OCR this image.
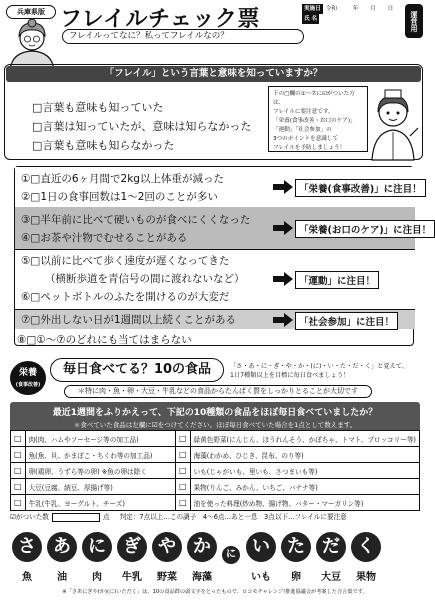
兵庫県版 フレイルチェック票	実施日 令和	年 月 日
氏 名	運営用
フレイルってなに？私ってフレイルなの？
「フレイル」という言葉と意味を知っていますか？
□言葉も意味も知っていた
□言葉は知っていたが、意味は知らなかった
□言葉も意味も知らなかった
下の□欄の①〜⑦に☑がついた方は、
フレイルに要注意です。
「栄養(食事改善・お口のケア)」
「運動」「社会参加」の
3つのポイントを意識して
フレイルを予防しましょう！
①□直近の6ヶ月間で2kg以上体重が減った
②□1日の食事回数は1〜2回のことが多い
③□半年前に比べて硬いものが食べにくくなった
④□お茶や汁物でむせることがある
⑤□以前に比べて歩く速度が遅くなってきた
（横断歩道を青信号の間に渡れないなど）
⑥□ペットボトルのふたを開けるのが大変だ
⑦□外出しない日が1週間以上続くことがある
「栄養(食事改善)」に注目！
「栄養(お口のケア)」に注目！
「運動」に注目！
「社会参加」に注目！
⑧□①〜⑦のどれにも当てはまらない
栄養
(食事改善)
毎日食べてる？10の食品	「さ・あ・に・ぎ・や・か・(に)・い・た・だ・く」と覚えて、
1日7種類以上を目標に毎日食べましょう！
＊特に肉・魚・卵・大豆・牛乳などの食品からたんぱく質をしっかりとることが大切です
最近1週間をふりかえって、下記の10種類の食品をほぼ毎日食べていましたか？
＊食べていた食品は左欄に☑をつけてください。ほぼ毎日食べていた場合を1点として数えます。
□	肉(肉、ハムやソーセージ等の加工品)	□	緑黄色野菜(にんじん、ほうれんそう、かぼちゃ、トマト、ブロッコリー等)
□	魚(魚、貝、かまぼこ・ちくわ等の加工品)	□	海藻(わかめ、ひじき、昆布、のり等)
□	卵(鶏卵、うずら等の卵) ※魚の卵は除く	□	いも(じゃがいも、里いも、さつまいも等)
□	大豆(豆腐、納豆、厚揚げ等)	□	果物(りんご、みかん、いちご、バナナ等)
□	牛乳(牛乳、ヨーグルト、チーズ)	□	油を使った料理(炒め物、揚げ物、バター・マーガリン等)
☑がついた数	点 判定：7点以上…この調子　4〜6点…あと一息　3点以下…フレイルに要注意
さ あ に ぎ や か	に い た だ く
魚	油	肉	牛乳	野菜	海藻	いも	卵	大豆	果物
※「さあにぎや(か)(に)いただく」は、10の食品群の頭文字をとったもので、ロコモチャレンジ!推進協議会が考案した合言葉です。
